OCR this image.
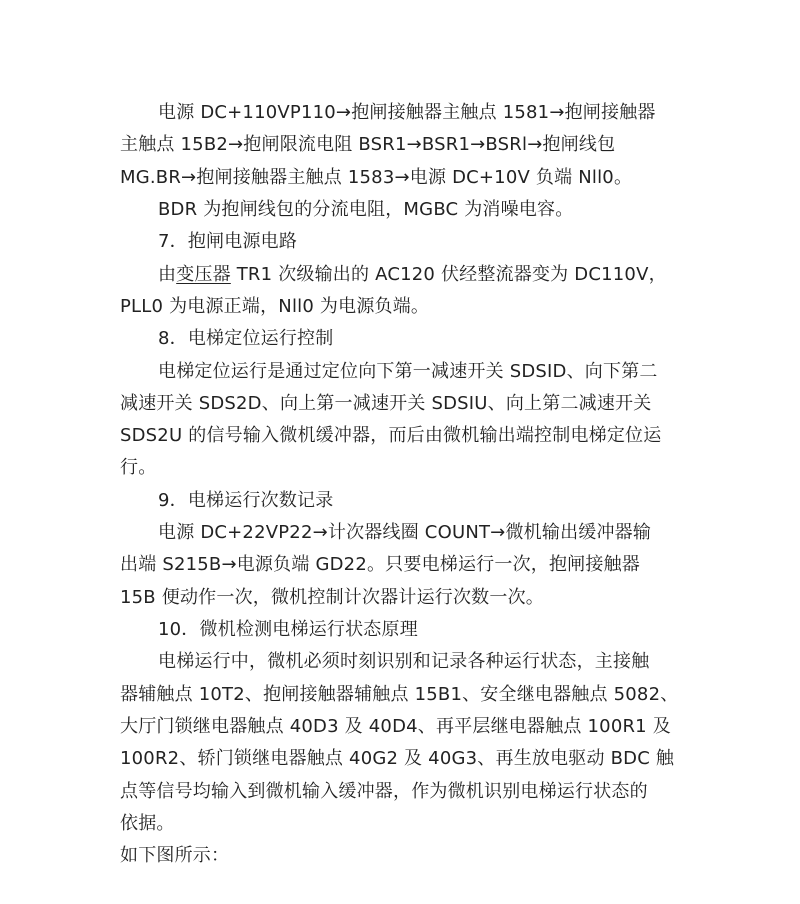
电源 DC+110VP110→抱闸接触器主触点 1581→抱闸接触器
主触点 15B2→抱闸限流电阻 BSR1→BSR1→BSRl→抱闸线包
MG.BR→抱闸接触器主触点 1583→电源 DC+10V 负端 Nll0。
BDR 为抱闸线包的分流电阻，MGBC 为消噪电容。
7．抱闸电源电路
由变压器 TR1 次级输出的 AC120 伏经整流器变为 DC110V，
PLL0 为电源正端，Nll0 为电源负端。
8．电梯定位运行控制
电梯定位运行是通过定位向下第一减速开关 SDSID、向下第二
减速开关 SDS2D、向上第一减速开关 SDSIU、向上第二减速开关
SDS2U 的信号输入微机缓冲器，而后由微机输出端控制电梯定位运
行。
9．电梯运行次数记录
电源 DC+22VP22→计次器线圈 COUNT→微机输出缓冲器输
出端 S215B→电源负端 GD22。只要电梯运行一次，抱闸接触器
15B 便动作一次，微机控制计次器计运行次数一次。
10．微机检测电梯运行状态原理
电梯运行中，微机必须时刻识别和记录各种运行状态，主接触
器辅触点 10T2、抱闸接触器辅触点 15B1、安全继电器触点 5082、
大厅门锁继电器触点 40D3 及 40D4、再平层继电器触点 100R1 及
100R2、轿门锁继电器触点 40G2 及 40G3、再生放电驱动 BDC 触
点等信号均输入到微机输入缓冲器，作为微机识别电梯运行状态的
依据。
如下图所示：
